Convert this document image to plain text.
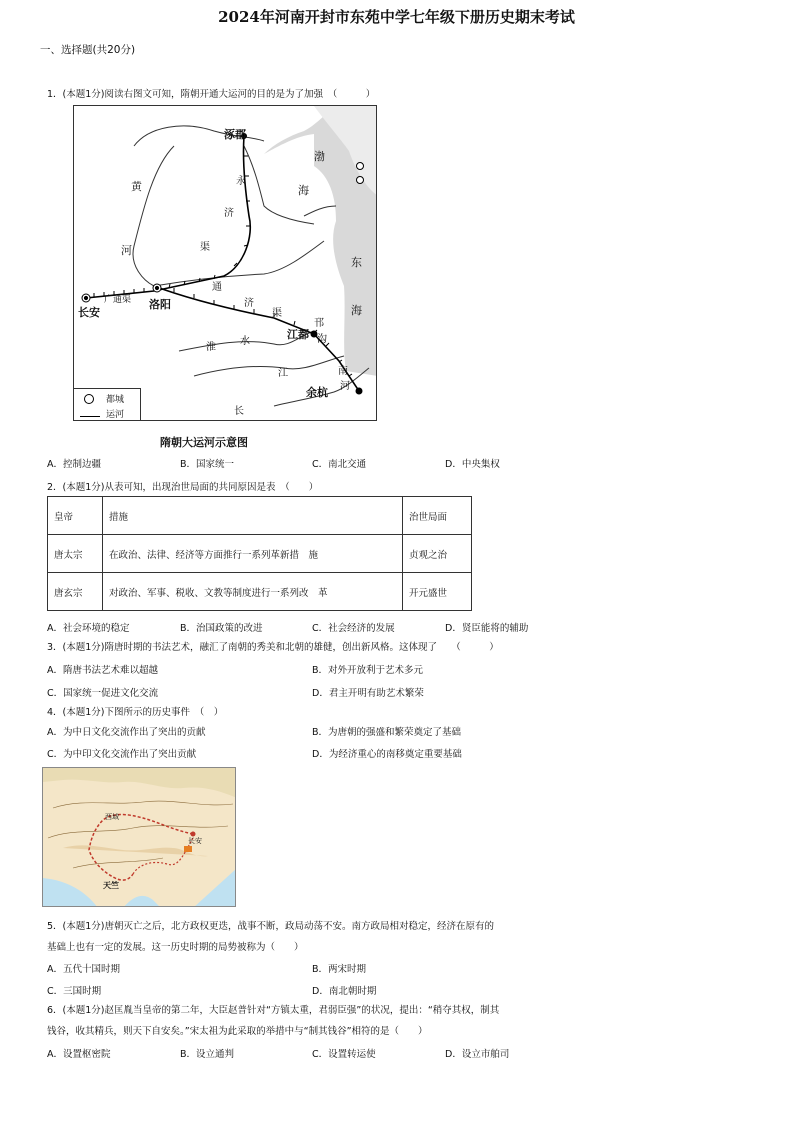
2024年河南开封市东苑中学七年级下册历史期末考试
一、选择题(共20分)
1．(本题1分)阅读右图文可知，隋朝开通大运河的目的是为了加强　（　　　）
涿郡
渤
海
东
海
黄
河
永
济
渠
长安
洛阳
广通渠
通
济
渠
邗
沟
江都
淮
水
江	南
河
长
余杭
都城
运河
隋朝大运河示意图
A．控制边疆	B．国家统一	C．南北交通	D．中央集权
2．(本题1分)从表可知，出现治世局面的共同原因是表　（　　）
皇帝	措施	治世局面
唐太宗	在政治、法律、经济等方面推行一系列革新措　施	贞观之治
唐玄宗	对政治、军事、税收、文教等制度进行一系列改　革	开元盛世
A．社会环境的稳定	B．治国政策的改进	C．社会经济的发展	D．贤臣能将的辅助
3．(本题1分)隋唐时期的书法艺术，融汇了南朝的秀美和北朝的雄健，创出新风格。这体现了　　（　　　）
A．隋唐书法艺术难以超越	B．对外开放利于艺术多元
C．国家统一促进文化交流	D．君主开明有助艺术繁荣
4．(本题1分)下图所示的历史事件　（　）
A．为中日文化交流作出了突出的贡献	B．为唐朝的强盛和繁荣奠定了基础
C．为中印文化交流作出了突出贡献	D．为经济重心的南移奠定重要基础
西域
长安
天竺
5．(本题1分)唐朝灭亡之后，北方政权更迭，战事不断，政局动荡不安。南方政局相对稳定，经济在原有的
基础上也有一定的发展。这一历史时期的局势被称为（　　）
A．五代十国时期	B．两宋时期
C．三国时期	D．南北朝时期
6．(本题1分)赵匡胤当皇帝的第二年，大臣赵普针对“方镇太重，君弱臣强”的状况，提出：“稍夺其权，制其
钱谷，收其精兵，则天下自安矣。”宋太祖为此采取的举措中与“制其钱谷”相符的是（　　）
A．设置枢密院	B．设立通判	C．设置转运使	D．设立市舶司
